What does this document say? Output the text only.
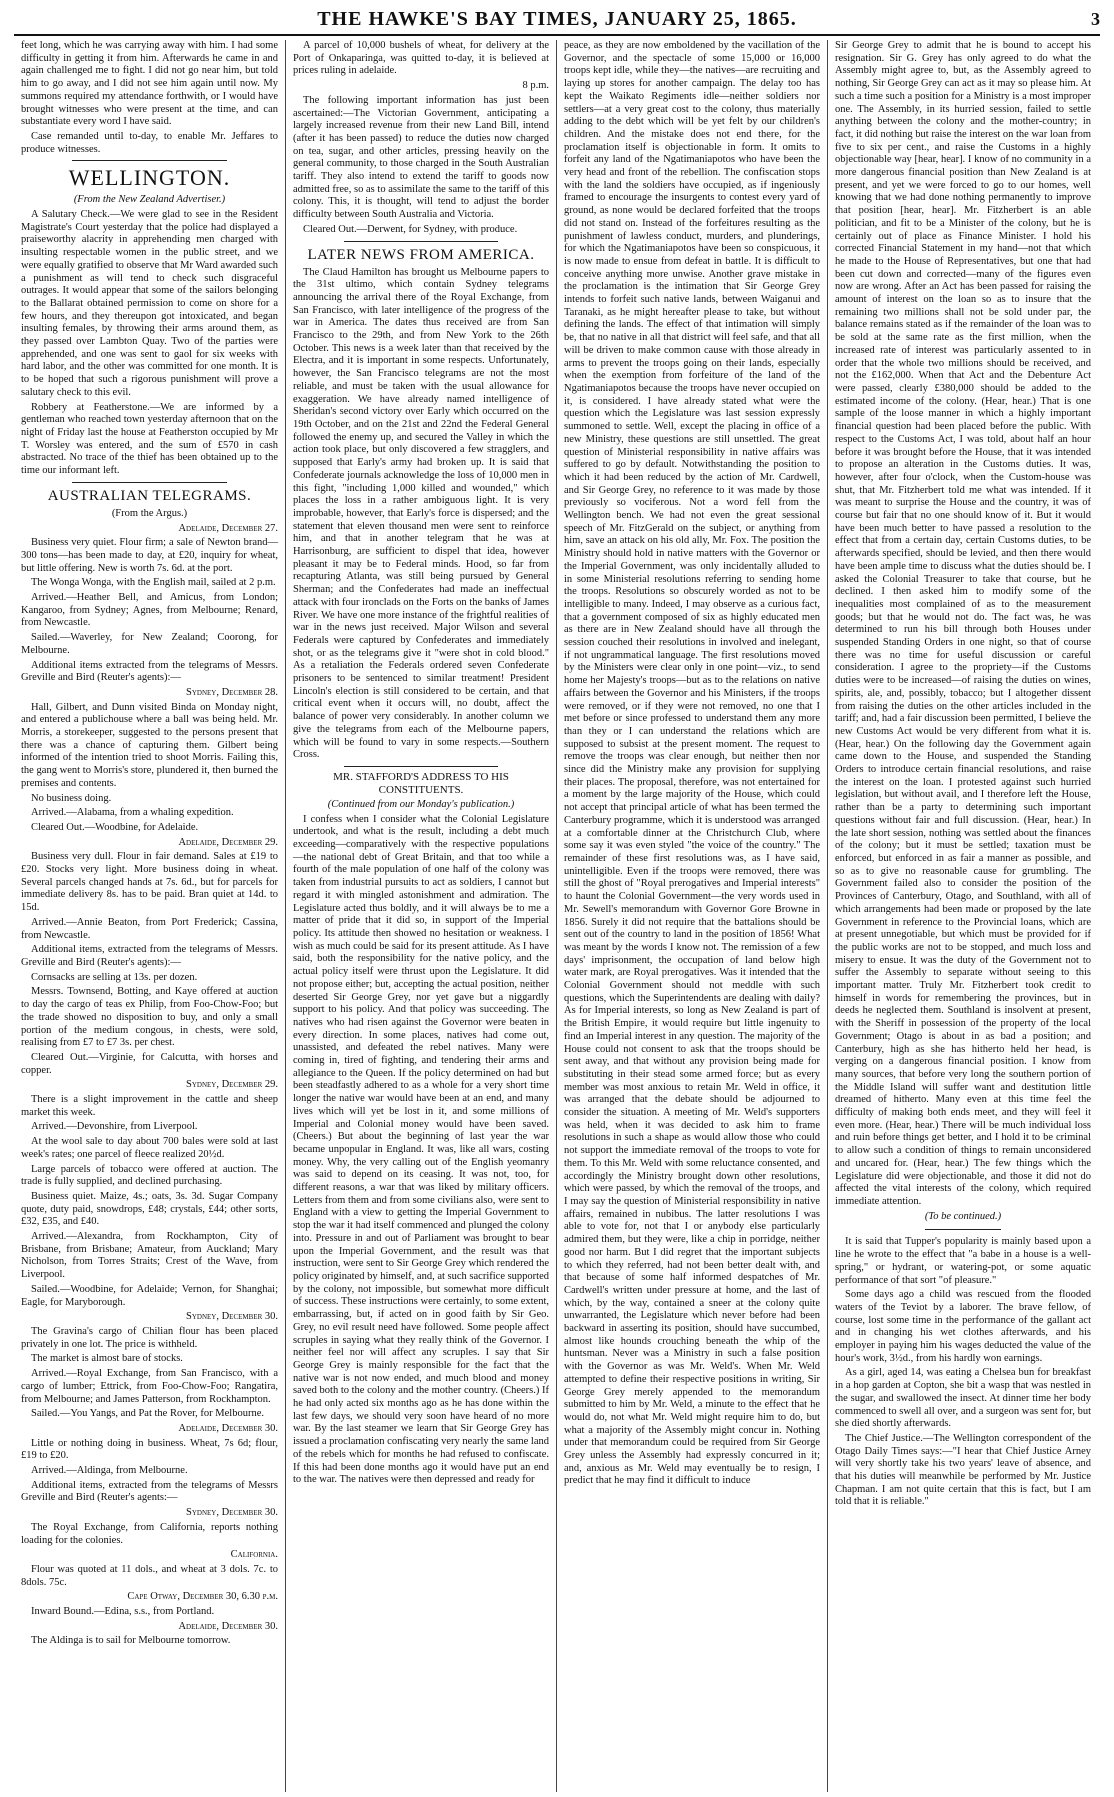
THE HAWKE'S BAY TIMES, JANUARY 25, 1865.	3

feet long, which he was carrying away with him. I had some difficulty in getting it from him. Afterwards he came in and again challenged me to fight. I did not go near him, but told him to go away, and I did not see him again until now. My summons required my attendance forthwith, or I would have brought witnesses who were present at the time, and can substantiate every word I have said.

Case remanded until to-day, to enable Mr. Jeffares to produce witnesses.

WELLINGTON.

(From the New Zealand Advertiser.)

A Salutary Check.—We were glad to see in the Resident Magistrate's Court yesterday that the police had displayed a praiseworthy alacrity in apprehending men charged with insulting respectable women in the public street, and we were equally gratified to observe that Mr Ward awarded such a punishment as will tend to check such disgraceful outrages. It would appear that some of the sailors belonging to the Ballarat obtained permission to come on shore for a few hours, and they thereupon got intoxicated, and began insulting females, by throwing their arms around them, as they passed over Lambton Quay. Two of the parties were apprehended, and one was sent to gaol for six weeks with hard labor, and the other was committed for one month. It is to be hoped that such a rigorous punishment will prove a salutary check to this evil.

Robbery at Featherstone.—We are informed by a gentleman who reached town yesterday afternoon that on the night of Friday last the house at Featherston occupied by Mr T. Worsley was entered, and the sum of £570 in cash abstracted. No trace of the thief has been obtained up to the time our informant left.

AUSTRALIAN TELEGRAMS.

(From the Argus.)

Adelaide, December 27.

Business very quiet. Flour firm; a sale of Newton brand—300 tons—has been made to day, at £20, inquiry for wheat, but little offering. New is worth 7s. 6d. at the port.

The Wonga Wonga, with the English mail, sailed at 2 p.m.

Arrived.—Heather Bell, and Amicus, from London; Kangaroo, from Sydney; Agnes, from Melbourne; Renard, from Newcastle.

Sailed.—Waverley, for New Zealand; Coorong, for Melbourne.

Additional items extracted from the telegrams of Messrs. Greville and Bird (Reuter's agents):—

Sydney, December 28.

Hall, Gilbert, and Dunn visited Binda on Monday night, and entered a publichouse where a ball was being held. Mr. Morris, a storekeeper, suggested to the persons present that there was a chance of capturing them. Gilbert being informed of the intention tried to shoot Morris. Failing this, the gang went to Morris's store, plundered it, then burned the premises and contents.

No business doing.

Arrived.—Alabama, from a whaling expedition.

Cleared Out.—Woodbine, for Adelaide.

Adelaide, December 29.

Business very dull. Flour in fair demand. Sales at £19 to £20. Stocks very light. More business doing in wheat. Several parcels changed hands at 7s. 6d., but for parcels for immediate delivery 8s. has to be paid. Bran quiet at 14d. to 15d.

Arrived.—Annie Beaton, from Port Frederick; Cassina, from Newcastle.

Additional items, extracted from the telegrams of Messrs. Greville and Bird (Reuter's agents):—

Cornsacks are selling at 13s. per dozen.

Messrs. Townsend, Botting, and Kaye offered at auction to day the cargo of teas ex Philip, from Foo-Chow-Foo; but the trade showed no disposition to buy, and only a small portion of the medium congous, in chests, were sold, realising from £7 to £7 3s. per chest.

Cleared Out.—Virginie, for Calcutta, with horses and copper.

Sydney, December 29.

There is a slight improvement in the cattle and sheep market this week.

Arrived.—Devonshire, from Liverpool.

At the wool sale to day about 700 bales were sold at last week's rates; one parcel of fleece realized 20½d.

Large parcels of tobacco were offered at auction. The trade is fully supplied, and declined purchasing.

Business quiet. Maize, 4s.; oats, 3s. 3d. Sugar Company quote, duty paid, snowdrops, £48; crystals, £44; other sorts, £32, £35, and £40.

Arrived.—Alexandra, from Rockhampton, City of Brisbane, from Brisbane; Amateur, from Auckland; Mary Nicholson, from Torres Straits; Crest of the Wave, from Liverpool.

Sailed.—Woodbine, for Adelaide; Vernon, for Shanghai; Eagle, for Maryborough.

Sydney, December 30.

The Gravina's cargo of Chilian flour has been placed privately in one lot. The price is withheld.

The market is almost bare of stocks.

Arrived.—Royal Exchange, from San Francisco, with a cargo of lumber; Ettrick, from Foo-Chow-Foo; Rangatira, from Melbourne; and James Patterson, from Rockhampton.

Sailed.—You Yangs, and Pat the Rover, for Melbourne.

Adelaide, December 30.

Little or nothing doing in business. Wheat, 7s 6d; flour, £19 to £20.

Arrived.—Aldinga, from Melbourne.

Additional items, extracted from the telegrams of Messrs Greville and Bird (Reuter's agents:—

Sydney, December 30.

The Royal Exchange, from California, reports nothing loading for the colonies.

California.

Flour was quoted at 11 dols., and wheat at 3 dols. 7c. to 8dols. 75c.

Cape Otway, December 30, 6.30 p.m.

Inward Bound.—Edina, s.s., from Portland.

Adelaide, December 30.

The Aldinga is to sail for Melbourne tomorrow.

A parcel of 10,000 bushels of wheat, for delivery at the Port of Onkaparinga, was quitted to-day, it is believed at prices ruling in adelaide.

8 p.m.

The following important information has just been ascertained:—The Victorian Government, anticipating a largely increased revenue from their new Land Bill, intend (after it has been passed) to reduce the duties now charged on tea, sugar, and other articles, pressing heavily on the general community, to those charged in the South Australian tariff. They also intend to extend the tariff to goods now admitted free, so as to assimilate the same to the tariff of this colony. This, it is thought, will tend to adjust the border difficulty between South Australia and Victoria.

Cleared Out.—Derwent, for Sydney, with produce.

LATER NEWS FROM AMERICA.

The Claud Hamilton has brought us Melbourne papers to the 31st ultimo, which contain Sydney telegrams announcing the arrival there of the Royal Exchange, from San Francisco, with later intelligence of the progress of the war in America. The dates thus received are from San Francisco to the 29th, and from New York to the 26th October. This news is a week later than that received by the Electra, and it is important in some respects. Unfortunately, however, the San Francisco telegrams are not the most reliable, and must be taken with the usual allowance for exaggeration. We have already named intelligence of Sheridan's second victory over Early which occurred on the 19th October, and on the 21st and 22nd the Federal General followed the enemy up, and secured the Valley in which the action took place, but only discovered a few stragglers, and supposed that Early's army had broken up. It is said that Confederate journals acknowledge the loss of 10,000 men in this fight, "including 1,000 killed and wounded," which places the loss in a rather ambiguous light. It is very improbable, however, that Early's force is dispersed; and the statement that eleven thousand men were sent to reinforce him, and that in another telegram that he was at Harrisonburg, are sufficient to dispel that idea, however pleasant it may be to Federal minds. Hood, so far from recapturing Atlanta, was still being pursued by General Sherman; and the Confederates had made an ineffectual attack with four ironclads on the Forts on the banks of James River. We have one more instance of the frightful realities of war in the news just received. Major Wilson and several Federals were captured by Confederates and immediately shot, or as the telegrams give it "were shot in cold blood." As a retaliation the Federals ordered seven Confederate prisoners to be sentenced to similar treatment! President Lincoln's election is still considered to be certain, and that critical event when it occurs will, no doubt, affect the balance of power very considerably. In another column we give the telegrams from each of the Melbourne papers, which will be found to vary in some respects.—Southern Cross.

MR. STAFFORD'S ADDRESS TO HIS CONSTITUENTS.

(Continued from our Monday's publication.)

I confess when I consider what the Colonial Legislature undertook, and what is the result, including a debt much exceeding—comparatively with the respective populations—the national debt of Great Britain, and that too while a fourth of the male population of one half of the colony was taken from industrial pursuits to act as soldiers, I cannot but regard it with mingled astonishment and admiration. The Legislature acted thus boldly, and it will always be to me a matter of pride that it did so, in support of the Imperial policy. Its attitude then showed no hesitation or weakness. I wish as much could be said for its present attitude. As I have said, both the responsibility for the native policy, and the actual policy itself were thrust upon the Legislature. It did not propose either; but, accepting the actual position, neither deserted Sir George Grey, nor yet gave but a niggardly support to his policy. And that policy was succeeding. The natives who had risen against the Governor were beaten in every direction. In some places, natives had come out, unassisted, and defeated the rebel natives. Many were coming in, tired of fighting, and tendering their arms and allegiance to the Queen. If the policy determined on had but been steadfastly adhered to as a whole for a very short time longer the native war would have been at an end, and many lives which will yet be lost in it, and some millions of Imperial and Colonial money would have been saved. (Cheers.) But about the beginning of last year the war became unpopular in England. It was, like all wars, costing money. Why, the very calling out of the English yeomanry was said to depend on its ceasing. It was not, too, for different reasons, a war that was liked by military officers. Letters from them and from some civilians also, were sent to England with a view to getting the Imperial Government to stop the war it had itself commenced and plunged the colony into. Pressure in and out of Parliament was brought to bear upon the Imperial Government, and the result was that instruction, were sent to Sir George Grey which rendered the policy originated by himself, and, at such sacrifice supported by the colony, not impossible, but somewhat more difficult of success. These instructions were certainly, to some extent, embarrassing, but, if acted on in good faith by Sir Geo. Grey, no evil result need have followed. Some people affect scruples in saying what they really think of the Governor. I neither feel nor will affect any scruples. I say that Sir George Grey is mainly responsible for the fact that the native war is not now ended, and much blood and money saved both to the colony and the mother country. (Cheers.) If he had only acted six months ago as he has done within the last few days, we should very soon have heard of no more war. By the last steamer we learn that Sir George Grey has issued a proclamation confiscating very nearly the same land of the rebels which for months he had refused to confiscate. If this had been done months ago it would have put an end to the war. The natives were then depressed and ready for

peace, as they are now emboldened by the vacillation of the Governor, and the spectacle of some 15,000 or 16,000 troops kept idle, while they—the natives—are recruiting and laying up stores for another campaign. The delay too has kept the Waikato Regiments idle—neither soldiers nor settlers—at a very great cost to the colony, thus materially adding to the debt which will be yet felt by our children's children. And the mistake does not end there, for the proclamation itself is objectionable in form. It omits to forfeit any land of the Ngatimaniapotos who have been the very head and front of the rebellion. The confiscation stops with the land the soldiers have occupied, as if ingeniously framed to encourage the insurgents to contest every yard of ground, as none would be declared forfeited that the troops did not stand on. Instead of the forfeitures resulting as the punishment of lawless conduct, murders, and plunderings, for which the Ngatimaniapotos have been so conspicuous, it is now made to ensue from defeat in battle. It is difficult to conceive anything more unwise. Another grave mistake in the proclamation is the intimation that Sir George Grey intends to forfeit such native lands, between Waiganui and Taranaki, as he might hereafter please to take, but without defining the lands. The effect of that intimation will simply be, that no native in all that district will feel safe, and that all will be driven to make common cause with those already in arms to prevent the troops going on their lands, especially when the exemption from forfeiture of the land of the Ngatimaniapotos because the troops have never occupied on it, is considered. I have already stated what were the question which the Legislature was last session expressly summoned to settle. Well, except the placing in office of a new Ministry, these questions are still unsettled. The great question of Ministerial responsibility in native affairs was suffered to go by default. Notwithstanding the position to which it had been reduced by the action of Mr. Cardwell, and Sir George Grey, no reference to it was made by those previously so vociferous. Not a word fell from the Wellington bench. We had not even the great sessional speech of Mr. FitzGerald on the subject, or anything from him, save an attack on his old ally, Mr. Fox. The position the Ministry should hold in native matters with the Governor or the Imperial Government, was only incidentally alluded to in some Ministerial resolutions referring to sending home the troops. Resolutions so obscurely worded as not to be intelligible to many. Indeed, I may observe as a curious fact, that a government composed of six as highly educated men as there are in New Zealand should have all through the session couched their resolutions in involved and inelegant, if not ungrammatical language. The first resolutions moved by the Ministers were clear only in one point—viz., to send home her Majesty's troops—but as to the relations on native affairs between the Governor and his Ministers, if the troops were removed, or if they were not removed, no one that I met before or since professed to understand them any more than they or I can understand the relations which are supposed to subsist at the present moment. The request to remove the troops was clear enough, but neither then nor since did the Ministry make any provision for supplying their places. The proposal, therefore, was not entertained for a moment by the large majority of the House, which could not accept that principal article of what has been termed the Canterbury programme, which it is understood was arranged at a comfortable dinner at the Christchurch Club, where some say it was even styled "the voice of the country." The remainder of these first resolutions was, as I have said, unintelligible. Even if the troops were removed, there was still the ghost of "Royal prerogatives and Imperial interests" to haunt the Colonial Government—the very words used in Mr. Sewell's memorandum with Governor Gore Browne in 1856. Surely it did not require that the battalions should be sent out of the country to land in the position of 1856! What was meant by the words I know not. The remission of a few days' imprisonment, the occupation of land below high water mark, are Royal prerogatives. Was it intended that the Colonial Government should not meddle with such questions, which the Superintendents are dealing with daily? As for Imperial interests, so long as New Zealand is part of the British Empire, it would require but little ingenuity to find an Imperial interest in any question. The majority of the House could not consent to ask that the troops should be sent away, and that without any provision being made for substituting in their stead some armed force; but as every member was most anxious to retain Mr. Weld in office, it was arranged that the debate should be adjourned to consider the situation. A meeting of Mr. Weld's supporters was held, when it was decided to ask him to frame resolutions in such a shape as would allow those who could not support the immediate removal of the troops to vote for them. To this Mr. Weld with some reluctance consented, and accordingly the Ministry brought down other resolutions, which were passed, by which the removal of the troops, and I may say the question of Ministerial responsibility in native affairs, remained in nubibus. The latter resolutions I was able to vote for, not that I or anybody else particularly admired them, but they were, like a chip in porridge, neither good nor harm. But I did regret that the important subjects to which they referred, had not been better dealt with, and that because of some half informed despatches of Mr. Cardwell's written under pressure at home, and the last of which, by the way, contained a sneer at the colony quite unwarranted, the Legislature which never before had been backward in asserting its position, should have succumbed, almost like hounds crouching beneath the whip of the huntsman. Never was a Ministry in such a false position with the Governor as was Mr. Weld's. When Mr. Weld attempted to define their respective positions in writing, Sir George Grey merely appended to the memorandum submitted to him by Mr. Weld, a minute to the effect that he would do, not what Mr. Weld might require him to do, but what a majority of the Assembly might concur in. Nothing under that memorandum could be required from Sir George Grey unless the Assembly had expressly concurred in it; and, anxious as Mr. Weld may eventually be to resign, I predict that he may find it difficult to induce

Sir George Grey to admit that he is bound to accept his resignation. Sir G. Grey has only agreed to do what the Assembly might agree to, but, as the Assembly agreed to nothing, Sir George Grey can act as it may so please him. At such a time such a position for a Ministry is a most improper one. The Assembly, in its hurried session, failed to settle anything between the colony and the mother-country; in fact, it did nothing but raise the interest on the war loan from five to six per cent., and raise the Customs in a highly objectionable way [hear, hear]. I know of no community in a more dangerous financial position than New Zealand is at present, and yet we were forced to go to our homes, well knowing that we had done nothing permanently to improve that position [hear, hear]. Mr. Fitzherbert is an able politician, and fit to be a Minister of the colony, but he is certainly out of place as Finance Minister. I hold his corrected Financial Statement in my hand—not that which he made to the House of Representatives, but one that had been cut down and corrected—many of the figures even now are wrong. After an Act has been passed for raising the amount of interest on the loan so as to insure that the remaining two millions shall not be sold under par, the balance remains stated as if the remainder of the loan was to be sold at the same rate as the first million, when the increased rate of interest was particularly assented to in order that the whole two millions should be received, and not the £162,000. When that Act and the Debenture Act were passed, clearly £380,000 should be added to the estimated income of the colony. (Hear, hear.) That is one sample of the loose manner in which a highly important financial question had been placed before the public. With respect to the Customs Act, I was told, about half an hour before it was brought before the House, that it was intended to propose an alteration in the Customs duties. It was, however, after four o'clock, when the Custom-house was shut, that Mr. Fitzherbert told me what was intended. If it was meant to surprise the House and the country, it was of course but fair that no one should know of it. But it would have been much better to have passed a resolution to the effect that from a certain day, certain Customs duties, to be afterwards specified, should be levied, and then there would have been ample time to discuss what the duties should be. I asked the Colonial Treasurer to take that course, but he declined. I then asked him to modify some of the inequalities most complained of as to the measurement goods; but that he would not do. The fact was, he was determined to run his bill through both Houses under suspended Standing Orders in one night, so that of course there was no time for useful discussion or careful consideration. I agree to the propriety—if the Customs duties were to be increased—of raising the duties on wines, spirits, ale, and, possibly, tobacco; but I altogether dissent from raising the duties on the other articles included in the tariff; and, had a fair discussion been permitted, I believe the new Customs Act would be very different from what it is. (Hear, hear.) On the following day the Government again came down to the House, and suspended the Standing Orders to introduce certain financial resolutions, and raise the interest on the loan. I protested against such hurried legislation, but without avail, and I therefore left the House, rather than be a party to determining such important questions without fair and full discussion. (Hear, hear.) In the late short session, nothing was settled about the finances of the colony; but it must be settled; taxation must be enforced, but enforced in as fair a manner as possible, and so as to give no reasonable cause for grumbling. The Government failed also to consider the position of the Provinces of Canterbury, Otago, and Southland, with all of which arrangements had been made or proposed by the late Government in reference to the Provincial loans, which are at present unnegotiable, but which must be provided for if the public works are not to be stopped, and much loss and misery to ensue. It was the duty of the Government not to suffer the Assembly to separate without seeing to this important matter. Truly Mr. Fitzherbert took credit to himself in words for remembering the provinces, but in deeds he neglected them. Southland is insolvent at present, with the Sheriff in possession of the property of the local Government; Otago is about in as bad a position; and Canterbury, high as she has hitherto held her head, is verging on a dangerous financial position. I know from many sources, that before very long the southern portion of the Middle Island will suffer want and destitution little dreamed of hitherto. Many even at this time feel the difficulty of making both ends meet, and they will feel it even more. (Hear, hear.) There will be much individual loss and ruin before things get better, and I hold it to be criminal to allow such a condition of things to remain unconsidered and uncared for. (Hear, hear.) The few things which the Legislature did were objectionable, and those it did not do affected the vital interests of the colony, which required immediate attention.

(To be continued.)

It is said that Tupper's popularity is mainly based upon a line he wrote to the effect that "a babe in a house is a well-spring," or hydrant, or watering-pot, or some aquatic performance of that sort "of pleasure."

Some days ago a child was rescued from the flooded waters of the Teviot by a laborer. The brave fellow, of course, lost some time in the performance of the gallant act and in changing his wet clothes afterwards, and his employer in paying him his wages deducted the value of the hour's work, 3½d., from his hardly won earnings.

As a girl, aged 14, was eating a Chelsea bun for breakfast in a hop garden at Copton, she bit a wasp that was nestled in the sugar, and swallowed the insect. At dinner time her body commenced to swell all over, and a surgeon was sent for, but she died shortly afterwards.

The Chief Justice.—The Wellington correspondent of the Otago Daily Times says:—"I hear that Chief Justice Arney will very shortly take his two years' leave of absence, and that his duties will meanwhile be performed by Mr. Justice Chapman. I am not quite certain that this is fact, but I am told that it is reliable."
